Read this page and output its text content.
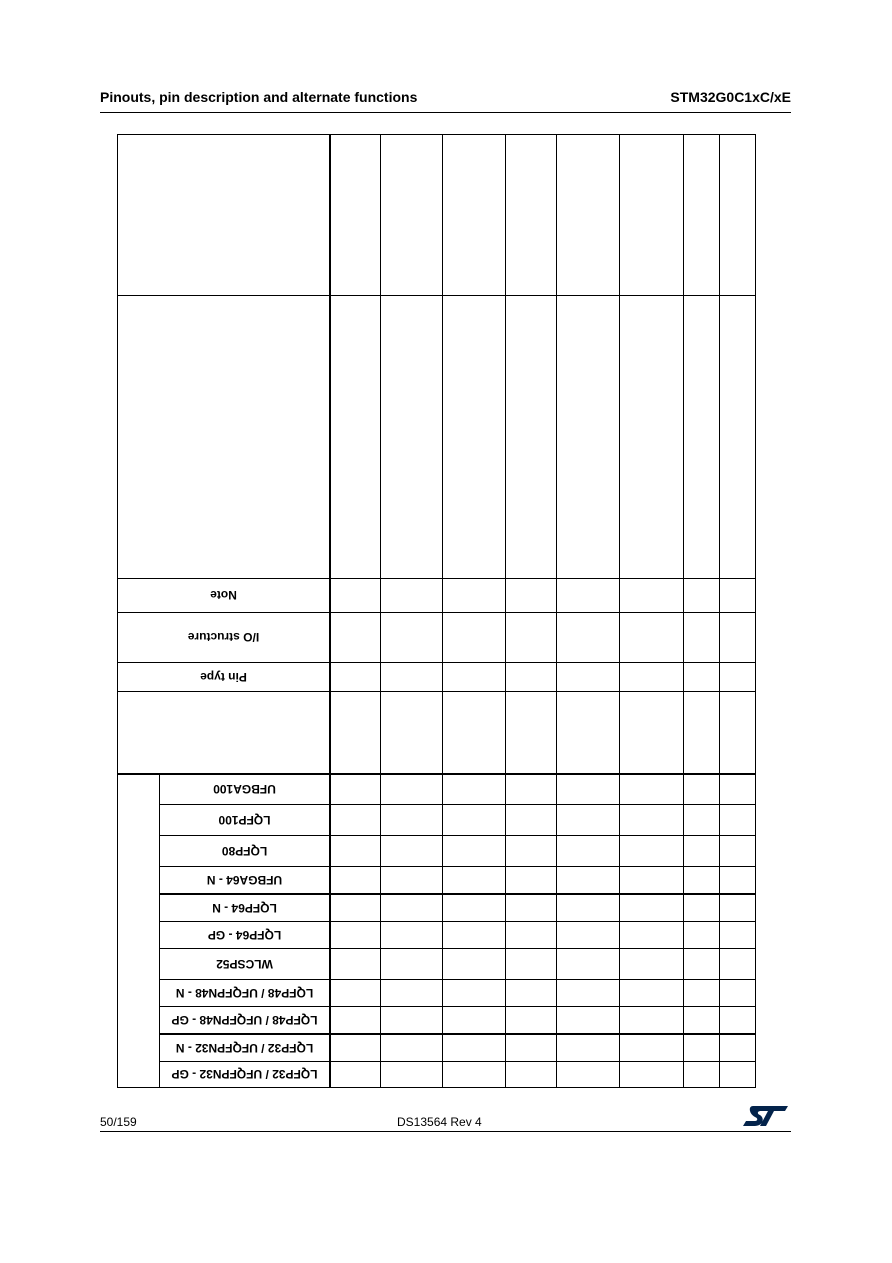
Pinouts, pin description and alternate functions	STM32G0C1xC/xE
Note
I/O structure
Pin type
UFBGA100
LQFP100
LQFP80
UFBGA64 - N
LQFP64 - N
LQFP64 - GP
WLCSP52
LQFP48 / UFQFPN48 - N
LQFP48 / UFQFPN48 - GP
LQFP32 / UFQFPN32 - N
LQFP32 / UFQFPN32 - GP
50/159	DS13564 Rev 4
